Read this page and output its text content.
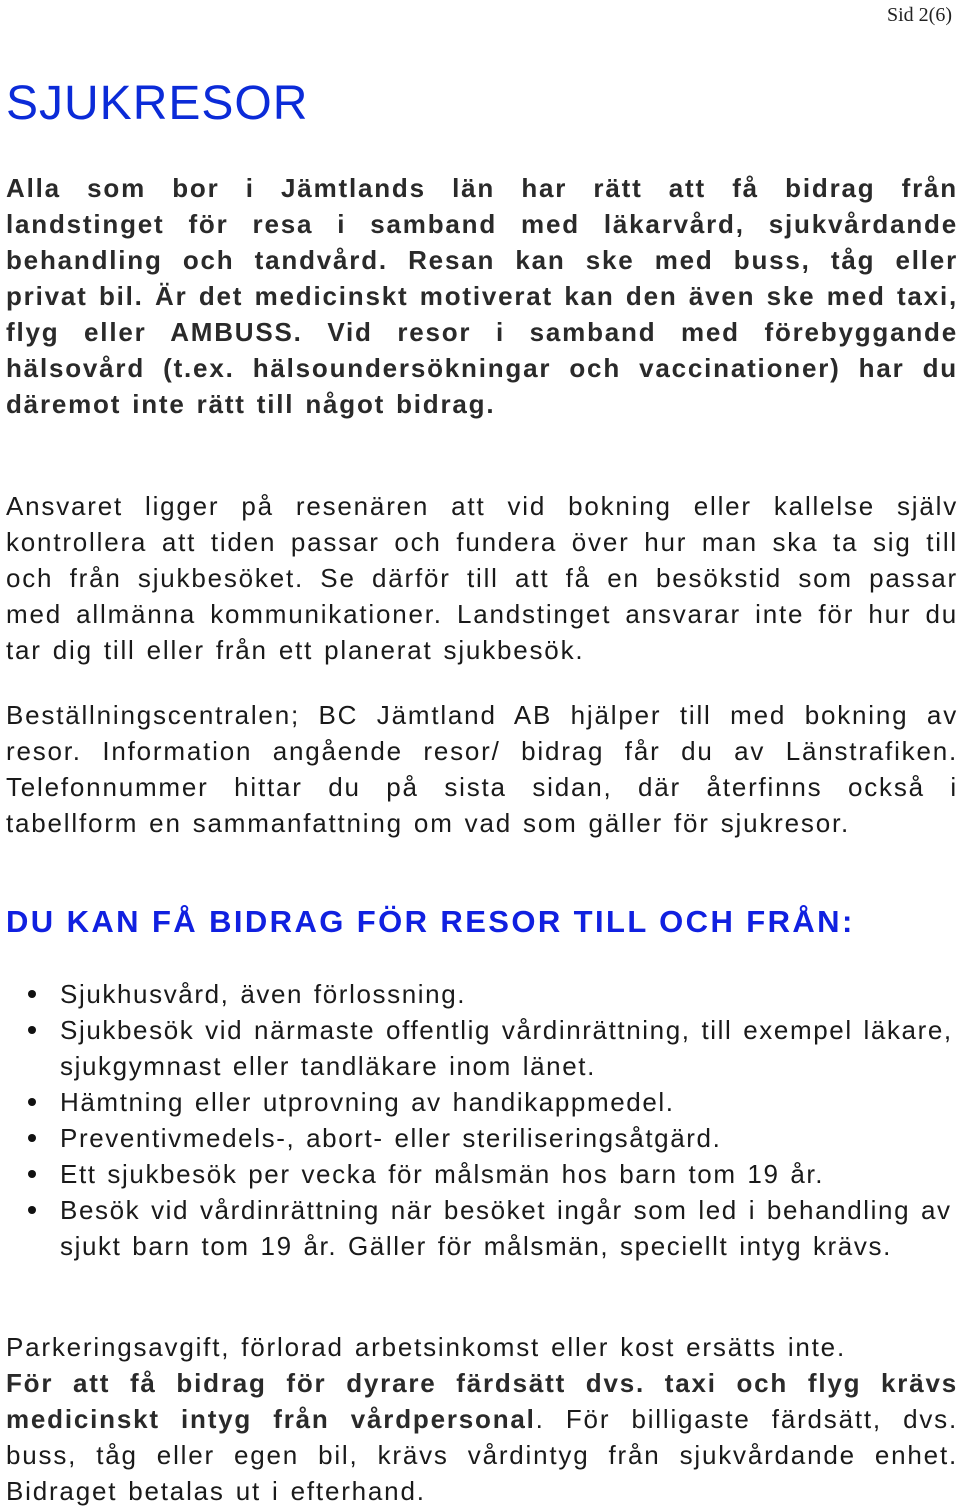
Sid 2(6)
SJUKRESOR

Alla som bor i Jämtlands län har rätt att få bidrag från landstinget för resa i samband med läkarvård, sjukvårdande behandling och tandvård. Resan kan ske med buss, tåg eller privat bil. Är det medicinskt motiverat kan den även ske med taxi, flyg eller AMBUSS. Vid resor i samband med förebyggande hälsovård (t.ex. hälsoundersökningar och vaccinationer) har du däremot inte rätt till något bidrag.

Ansvaret ligger på resenären att vid bokning eller kallelse själv kontrollera att tiden passar och fundera över hur man ska ta sig till och från sjukbesöket. Se därför till att få en besökstid som passar med allmänna kommunikationer. Landstinget ansvarar inte för hur du tar dig till eller från ett planerat sjukbesök.

Beställningscentralen; BC Jämtland AB hjälper till med bokning av resor. Information angående resor/ bidrag får du av Länstrafiken. Telefonnummer hittar du på sista sidan, där återfinns också i tabellform en sammanfattning om vad som gäller för sjukresor.

DU KAN FÅ BIDRAG FÖR RESOR TILL OCH FRÅN:
Sjukhusvård, även förlossning.
Sjukbesök vid närmaste offentlig vårdinrättning, till exempel läkare, sjukgymnast eller tandläkare inom länet.
Hämtning eller utprovning av handikappmedel.
Preventivmedels-, abort- eller steriliseringsåtgärd.
Ett sjukbesök per vecka för målsmän hos barn tom 19 år.
Besök vid vårdinrättning när besöket ingår som led i behandling av sjukt barn tom 19 år. Gäller för målsmän, speciellt intyg krävs.

Parkeringsavgift, förlorad arbetsinkomst eller kost ersätts inte.

För att få bidrag för dyrare färdsätt dvs. taxi och flyg krävs medicinskt intyg från vårdpersonal. För billigaste färdsätt, dvs. buss, tåg eller egen bil, krävs vårdintyg från sjukvårdande enhet. Bidraget betalas ut i efterhand.
